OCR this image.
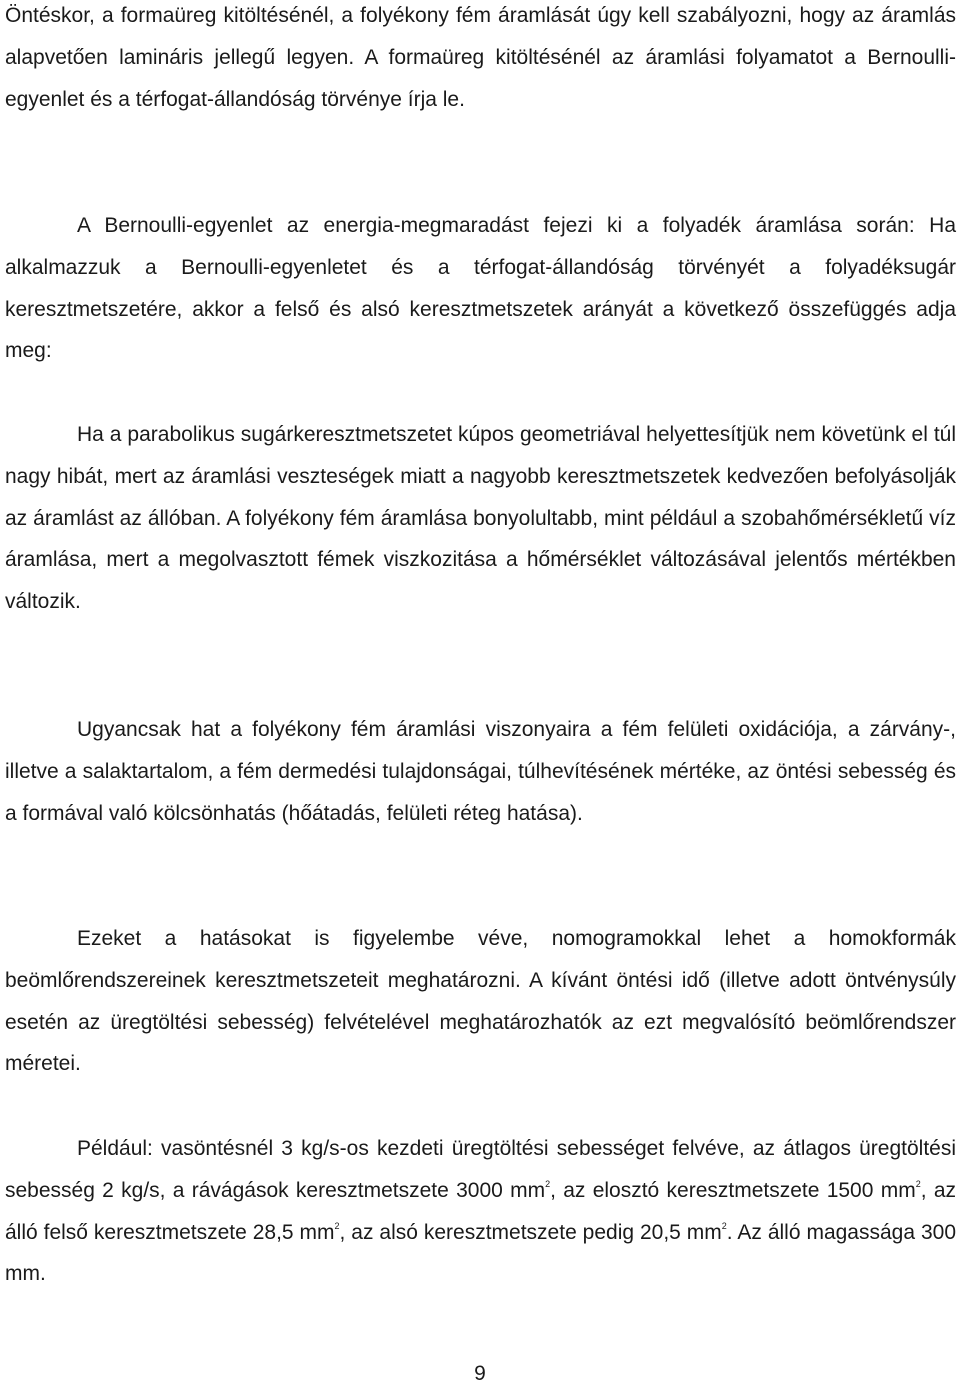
Öntéskor, a formaüreg kitöltésénél, a folyékony fém áramlását úgy kell szabályozni, hogy az áramlás alapvetően lamináris jellegű legyen. A formaüreg kitöltésénél az áramlási folyamatot a Bernoulli-egyenlet és a térfogat-állandóság törvénye írja le.

A Bernoulli-egyenlet az energia-megmaradást fejezi ki a folyadék áramlása során: Ha alkalmazzuk a Bernoulli-egyenletet és a térfogat-állandóság törvényét a folyadéksugár keresztmetszetére, akkor a felső és alsó keresztmetszetek arányát a következő összefüggés adja meg:

Ha a parabolikus sugárkeresztmetszetet kúpos geometriával helyettesítjük nem követünk el túl nagy hibát, mert az áramlási veszteségek miatt a nagyobb keresztmetszetek kedvezően befolyásolják az áramlást az állóban. A folyékony fém áramlása bonyolultabb, mint például a szobahőmérsékletű víz áramlása, mert a megolvasztott fémek viszkozitása a hőmérséklet változásával jelentős mértékben változik.

Ugyancsak hat a folyékony fém áramlási viszonyaira a fém felületi oxidációja, a zárvány-, illetve a salaktartalom, a fém dermedési tulajdonságai, túlhevítésének mértéke, az öntési sebesség és a formával való kölcsönhatás (hőátadás, felületi réteg hatása).

Ezeket a hatásokat is figyelembe véve, nomogramokkal lehet a homokformák beömlőrendszereinek keresztmetszeteit meghatározni. A kívánt öntési idő (illetve adott öntvénysúly esetén az üregtöltési sebesség) felvételével meghatározhatók az ezt megvalósító beömlőrendszer méretei.

Például: vasöntésnél 3 kg/s-os kezdeti üregtöltési sebességet felvéve, az átlagos üregtöltési sebesség 2 kg/s, a rávágások keresztmetszete 3000 $mm^2$, az elosztó keresztmetszete 1500 $mm^2$, az álló felső keresztmetszete 28,5 $mm^2$, az alsó keresztmetszete pedig 20,5 $mm^2$. Az álló magassága 300 mm.

9
